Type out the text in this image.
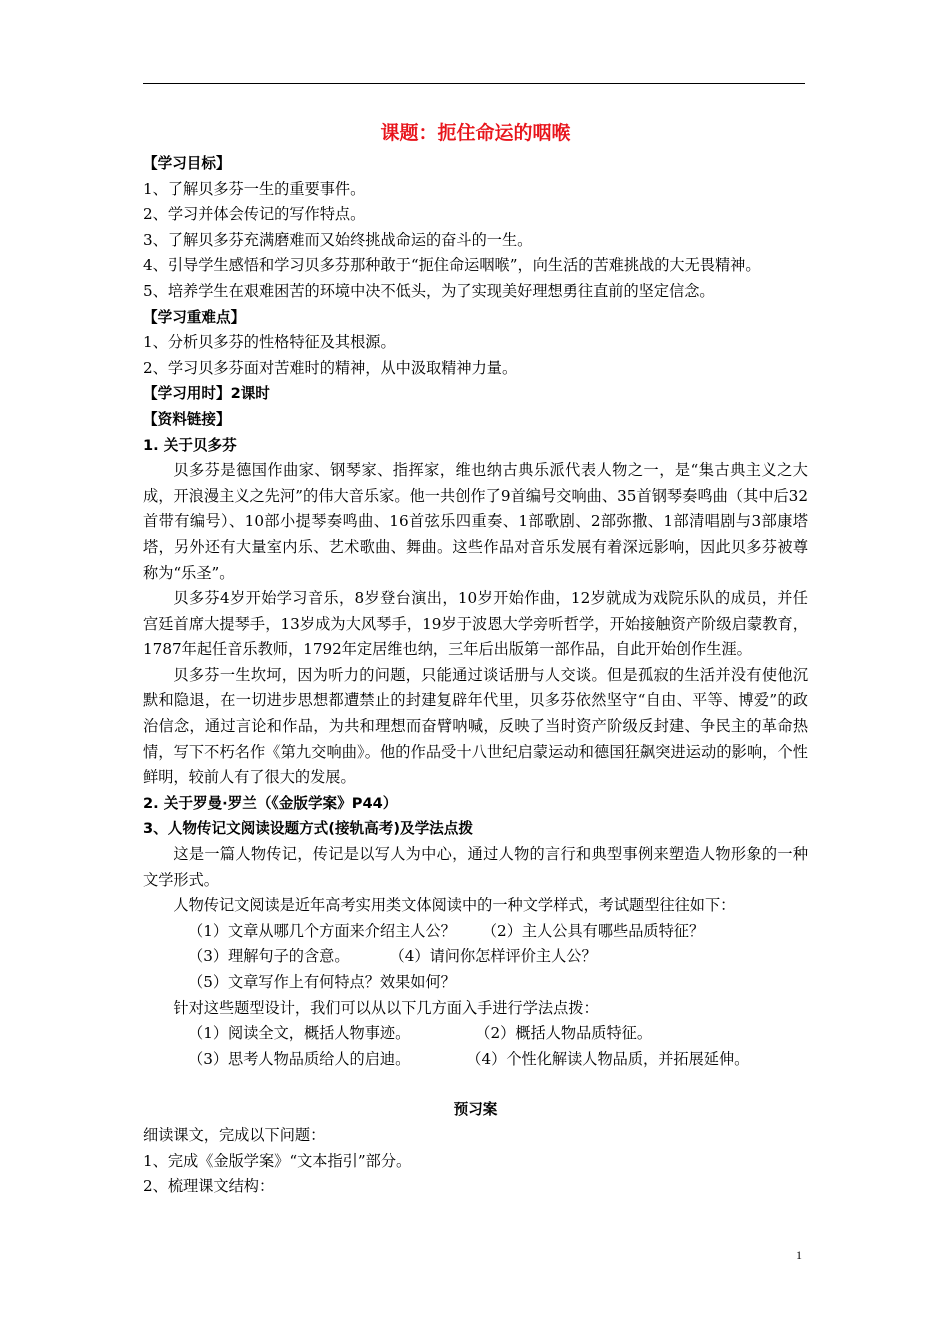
课题：扼住命运的咽喉
【学习目标】
1、了解贝多芬一生的重要事件。
2、学习并体会传记的写作特点。
3、了解贝多芬充满磨难而又始终挑战命运的奋斗的一生。
4、引导学生感悟和学习贝多芬那种敢于“扼住命运咽喉”，向生活的苦难挑战的大无畏精神。
5、培养学生在艰难困苦的环境中决不低头，为了实现美好理想勇往直前的坚定信念。
【学习重难点】
1、分析贝多芬的性格特征及其根源。
2、学习贝多芬面对苦难时的精神，从中汲取精神力量。
【学习用时】2课时
【资料链接】
1. 关于贝多芬
贝多芬是德国作曲家、钢琴家、指挥家，维也纳古典乐派代表人物之一，是“集古典主义之大成，开浪漫主义之先河”的伟大音乐家。他一共创作了9首编号交响曲、35首钢琴奏鸣曲（其中后32首带有编号）、10部小提琴奏鸣曲、16首弦乐四重奏、1部歌剧、2部弥撒、1部清唱剧与3部康塔塔，另外还有大量室内乐、艺术歌曲、舞曲。这些作品对音乐发展有着深远影响，因此贝多芬被尊称为“乐圣”。
贝多芬4岁开始学习音乐，8岁登台演出，10岁开始作曲，12岁就成为戏院乐队的成员，并任宫廷首席大提琴手，13岁成为大风琴手，19岁于波恩大学旁听哲学，开始接触资产阶级启蒙教育，1787年起任音乐教师，1792年定居维也纳，三年后出版第一部作品，自此开始创作生涯。
贝多芬一生坎坷，因为听力的问题，只能通过谈话册与人交谈。但是孤寂的生活并没有使他沉默和隐退，在一切进步思想都遭禁止的封建复辟年代里，贝多芬依然坚守“自由、平等、博爱”的政治信念，通过言论和作品，为共和理想而奋臂呐喊，反映了当时资产阶级反封建、争民主的革命热情，写下不朽名作《第九交响曲》。他的作品受十八世纪启蒙运动和德国狂飙突进运动的影响，个性鲜明，较前人有了很大的发展。
2. 关于罗曼·罗兰（《金版学案》P44）
3、人物传记文阅读设题方式(接轨高考)及学法点拨
这是一篇人物传记，传记是以写人为中心，通过人物的言行和典型事例来塑造人物形象的一种文学形式。
人物传记文阅读是近年高考实用类文体阅读中的一种文学样式，考试题型往往如下：
（1）文章从哪几个方面来介绍主人公？ （2）主人公具有哪些品质特征？
（3）理解句子的含意。	（4）请问你怎样评价主人公？
（5）文章写作上有何特点？效果如何？
针对这些题型设计，我们可以从以下几方面入手进行学法点拨：
（1）阅读全文，概括人物事迹。	（2）概括人物品质特征。
（3）思考人物品质给人的启迪。	（4）个性化解读人物品质，并拓展延伸。
预习案
细读课文，完成以下问题：
1、完成《金版学案》“文本指引”部分。
2、梳理课文结构：
1
